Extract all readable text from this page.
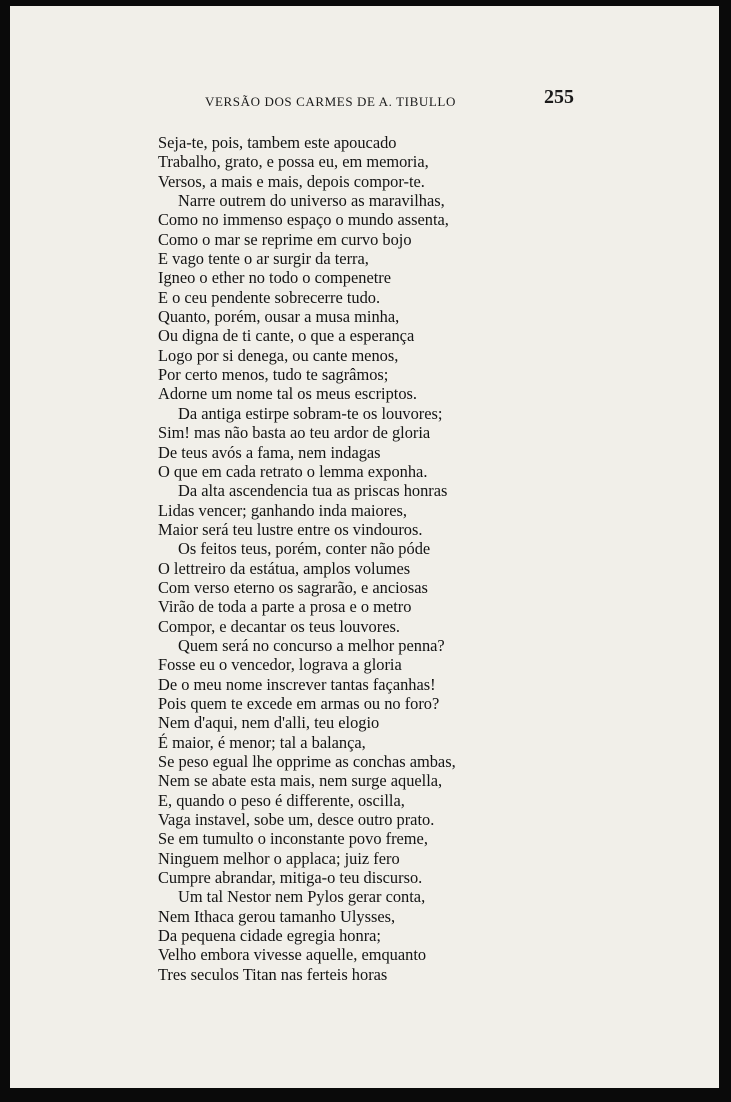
VERSÃO DOS CARMES DE A. TIBULLO	255
Seja-te, pois, tambem este apoucado
Trabalho, grato, e possa eu, em memoria,
Versos, a mais e mais, depois compor-te.
Narre outrem do universo as maravilhas,
Como no immenso espaço o mundo assenta,
Como o mar se reprime em curvo bojo
E vago tente o ar surgir da terra,
Igneo o ether no todo o compenetre
E o ceu pendente sobrecerre tudo.
Quanto, porém, ousar a musa minha,
Ou digna de ti cante, o que a esperança
Logo por si denega, ou cante menos,
Por certo menos, tudo te sagrâmos;
Adorne um nome tal os meus escriptos.
Da antiga estirpe sobram-te os louvores;
Sim! mas não basta ao teu ardor de gloria
De teus avós a fama, nem indagas
O que em cada retrato o lemma exponha.
Da alta ascendencia tua as priscas honras
Lidas vencer; ganhando inda maiores,
Maior será teu lustre entre os vindouros.
Os feitos teus, porém, conter não póde
O lettreiro da estátua, amplos volumes
Com verso eterno os sagrarão, e anciosas
Virão de toda a parte a prosa e o metro
Compor, e decantar os teus louvores.
Quem será no concurso a melhor penna?
Fosse eu o vencedor, lograva a gloria
De o meu nome inscrever tantas façanhas!
Pois quem te excede em armas ou no foro?
Nem d'aqui, nem d'alli, teu elogio
É maior, é menor; tal a balança,
Se peso egual lhe opprime as conchas ambas,
Nem se abate esta mais, nem surge aquella,
E, quando o peso é differente, oscilla,
Vaga instavel, sobe um, desce outro prato.
Se em tumulto o inconstante povo freme,
Ninguem melhor o applaca; juiz fero
Cumpre abrandar, mitiga-o teu discurso.
Um tal Nestor nem Pylos gerar conta,
Nem Ithaca gerou tamanho Ulysses,
Da pequena cidade egregia honra;
Velho embora vivesse aquelle, emquanto
Tres seculos Titan nas ferteis horas
